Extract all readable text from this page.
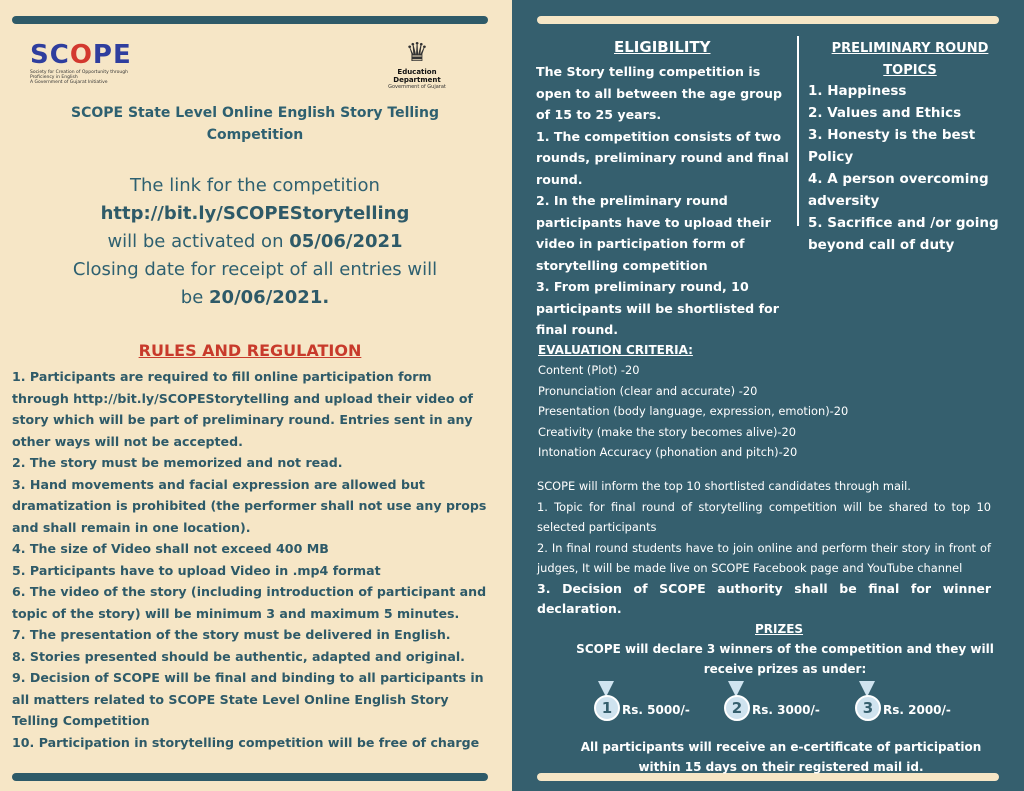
SCOPE
Society for Creation of Opportunity through Proficiency in English
A Government of Gujarat Initiative
♛
Education Department
Government of Gujarat
SCOPE State Level Online English Story Telling Competition
The link for the competition
http://bit.ly/SCOPEStorytelling
will be activated on 05/06/2021
Closing date for receipt of all entries will
be 20/06/2021.
RULES AND REGULATION
1. Participants are required to fill online participation form through http://bit.ly/SCOPEStorytelling and upload their video of story which will be part of preliminary round. Entries sent in any other ways will not be accepted.
2. The story must be memorized and not read.
3. Hand movements and facial expression are allowed but dramatization is prohibited (the performer shall not use any props and shall remain in one location).
4. The size of Video shall not exceed 400 MB
5. Participants have to upload Video in .mp4 format
6. The video of the story (including introduction of participant and topic of the story) will be minimum 3 and maximum 5 minutes.
7. The presentation of the story must be delivered in English.
8. Stories presented should be authentic, adapted and original.
9. Decision of SCOPE will be final and binding to all participants in all matters related to SCOPE State Level Online English Story Telling Competition
10. Participation in storytelling competition will be free of charge
ELIGIBILITY
The Story telling competition is open to all between the age group of 15 to 25 years.
1. The competition consists of two rounds, preliminary round and final round.
2. In the preliminary round participants have to upload their video in participation form of storytelling competition
3. From preliminary round, 10 participants will be shortlisted for final round.
PRELIMINARY ROUND TOPICS
1. Happiness
2. Values and Ethics
3. Honesty is the best Policy
4. A person overcoming adversity
5. Sacrifice and /or going beyond call of duty
EVALUATION CRITERIA:
Content (Plot) -20
Pronunciation (clear and accurate) -20
Presentation (body language, expression, emotion)-20
Creativity (make the story becomes alive)-20
Intonation Accuracy (phonation and pitch)-20
SCOPE will inform the top 10 shortlisted candidates through mail.
1. Topic for final round of storytelling competition will be shared to top 10 selected participants
2. In final round students have to join online and perform their story in front of judges, It will be made live on SCOPE Facebook page and YouTube channel
3. Decision of SCOPE authority shall be final for winner declaration.
PRIZES
SCOPE will declare 3 winners of the competition and they will receive prizes as under:
1 Rs. 5000/-	2 Rs. 3000/-	3 Rs. 2000/-
All participants will receive an e-certificate of participation within 15 days on their registered mail id.
